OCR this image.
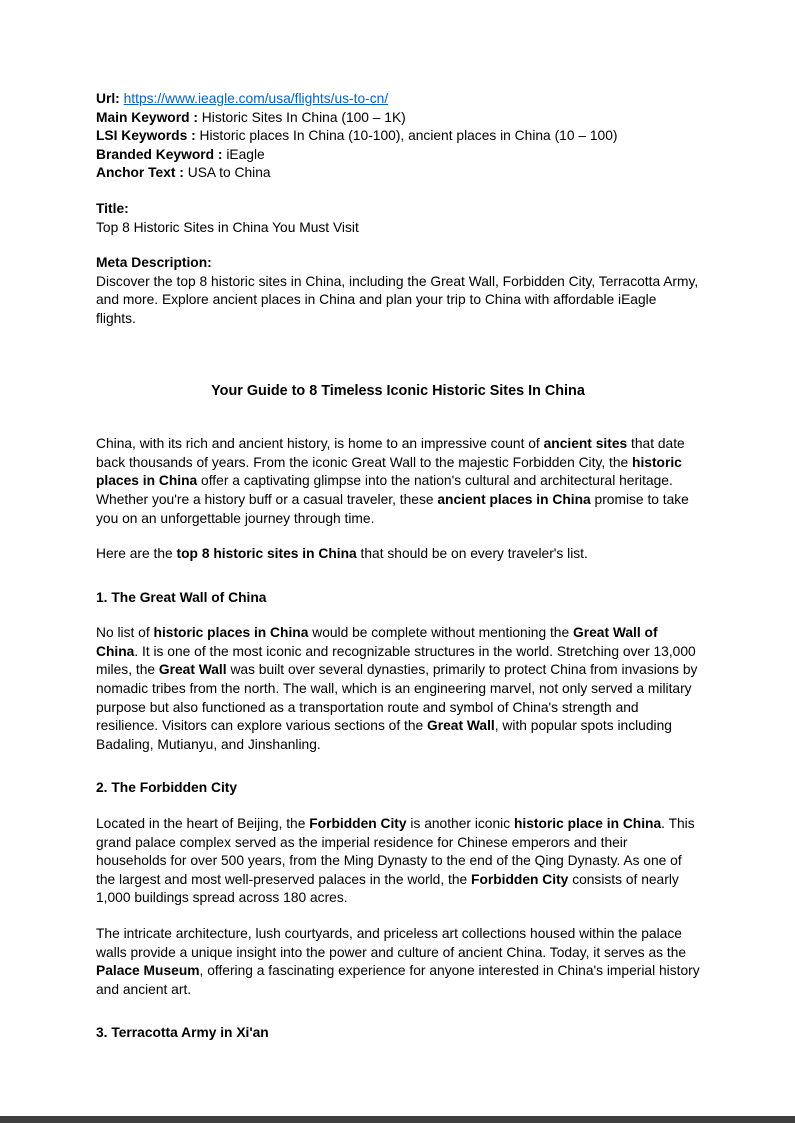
Url: https://www.ieagle.com/usa/flights/us-to-cn/

Main Keyword : Historic Sites In China (100 – 1K)

LSI Keywords : Historic places In China (10-100), ancient places in China (10 – 100)

Branded Keyword : iEagle

Anchor Text : USA to China

Title:

Top 8 Historic Sites in China You Must Visit

Meta Description:

Discover the top 8 historic sites in China, including the Great Wall, Forbidden City, Terracotta Army, and more. Explore ancient places in China and plan your trip to China with affordable iEagle flights.

Your Guide to 8 Timeless Iconic Historic Sites In China

China, with its rich and ancient history, is home to an impressive count of ancient sites that date back thousands of years. From the iconic Great Wall to the majestic Forbidden City, the historic places in China offer a captivating glimpse into the nation's cultural and architectural heritage. Whether you're a history buff or a casual traveler, these ancient places in China promise to take you on an unforgettable journey through time.

Here are the top 8 historic sites in China that should be on every traveler's list.

1. The Great Wall of China

No list of historic places in China would be complete without mentioning the Great Wall of China. It is one of the most iconic and recognizable structures in the world. Stretching over 13,000 miles, the Great Wall was built over several dynasties, primarily to protect China from invasions by nomadic tribes from the north. The wall, which is an engineering marvel, not only served a military purpose but also functioned as a transportation route and symbol of China's strength and resilience. Visitors can explore various sections of the Great Wall, with popular spots including Badaling, Mutianyu, and Jinshanling.

2. The Forbidden City

Located in the heart of Beijing, the Forbidden City is another iconic historic place in China. This grand palace complex served as the imperial residence for Chinese emperors and their households for over 500 years, from the Ming Dynasty to the end of the Qing Dynasty. As one of the largest and most well-preserved palaces in the world, the Forbidden City consists of nearly 1,000 buildings spread across 180 acres.

The intricate architecture, lush courtyards, and priceless art collections housed within the palace walls provide a unique insight into the power and culture of ancient China. Today, it serves as the Palace Museum, offering a fascinating experience for anyone interested in China's imperial history and ancient art.

3. Terracotta Army in Xi'an
